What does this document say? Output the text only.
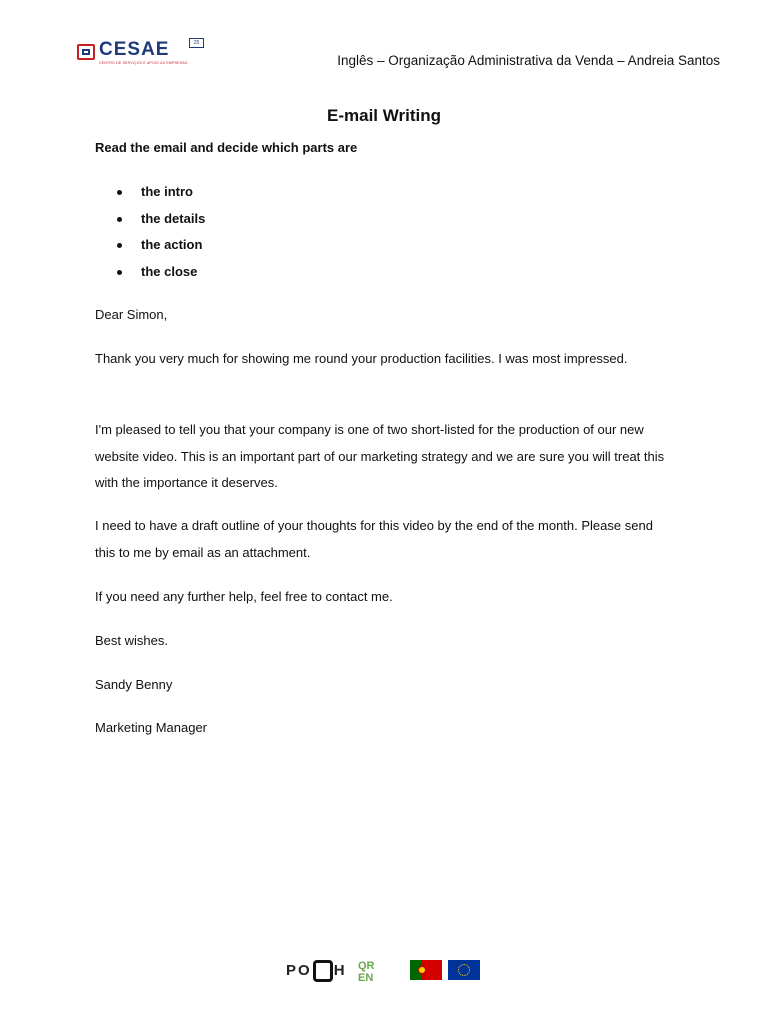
CESAE
CENTRO DE SERVIÇOS E APOIO ÀS EMPRESAS
25
Inglês – Organização Administrativa da Venda – Andreia Santos
E-mail Writing
Read the email and decide which parts are
the intro
the details
the action
the close
Dear Simon,
Thank you very much for showing me round your production facilities. I was most impressed.
I'm pleased to tell you that your company is one of two short-listed for the production of our new website video. This is an important part of our marketing strategy and we are sure you will treat this with the importance it deserves.
I need to have a draft outline of your thoughts for this video by the end of the month. Please send this to me by email as an attachment.
If you need any further help, feel free to contact me.
Best wishes.
Sandy Benny
Marketing Manager
PO H QR
EN
